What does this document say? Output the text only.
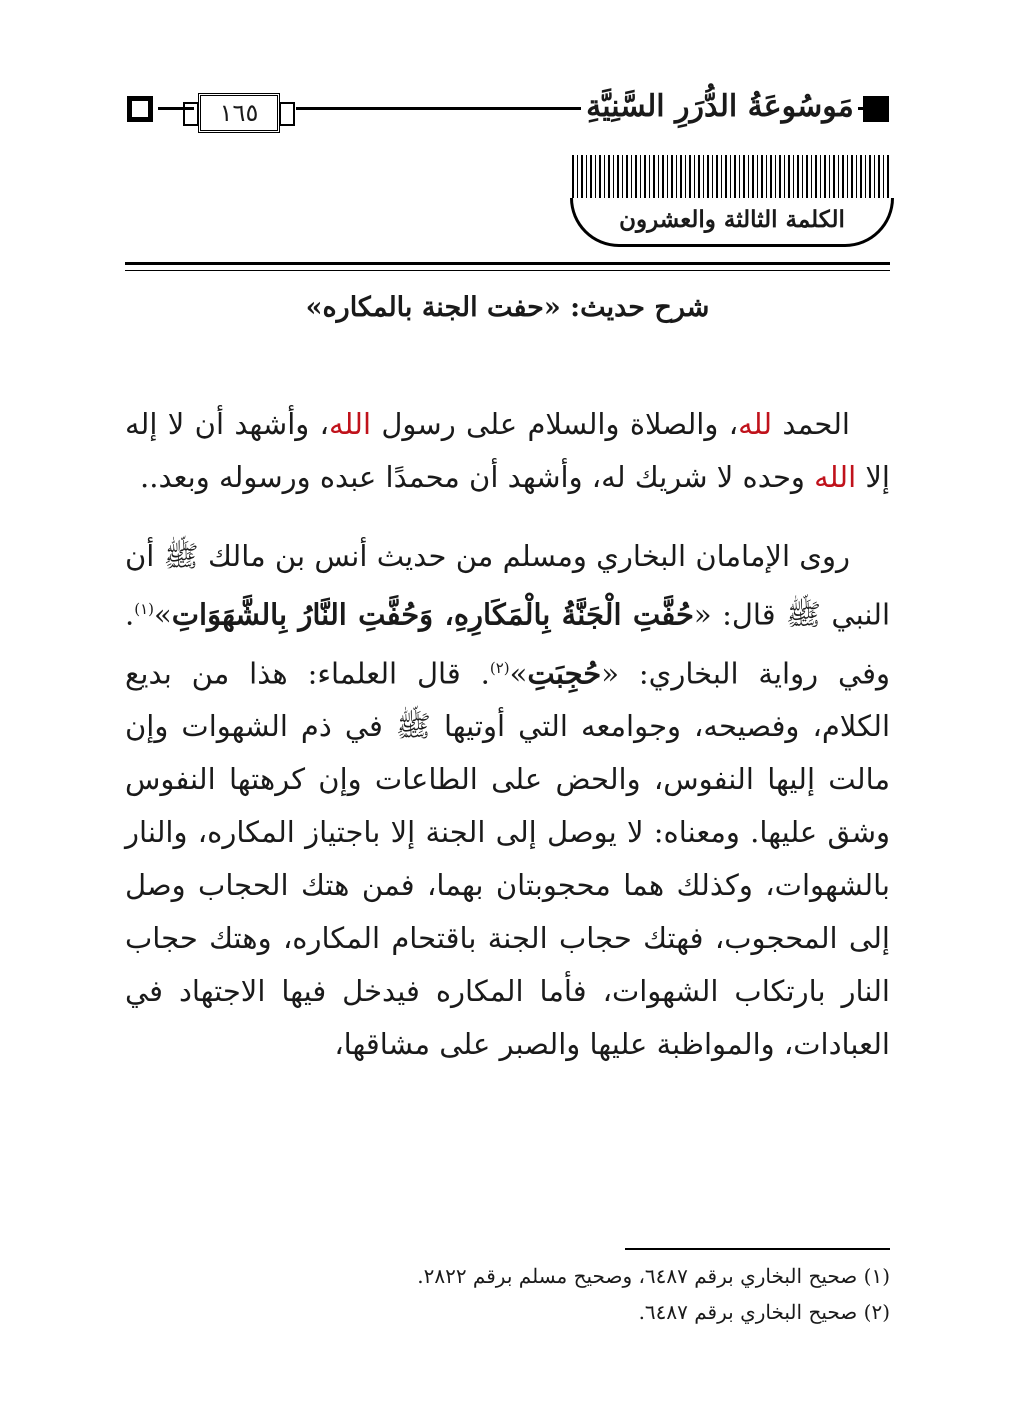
١٦٥	مَوسُوعَةُ الدُّرَرِ السَّنِيَّةِ
الكلمة الثالثة والعشرون
شرح حديث: «حفت الجنة بالمكاره»

الحمد لله، والصلاة والسلام على رسول الله، وأشهد أن لا إله إلا الله وحده لا شريك له، وأشهد أن محمدًا عبده ورسوله وبعد..

روى الإمامان البخاري ومسلم من حديث أنس بن مالك ﷺ أن النبي ﷺ قال: «حُفَّتِ الْجَنَّةُ بِالْمَكَارِهِ، وَحُفَّتِ النَّارُ بِالشَّهَوَاتِ»$^{(١)}$. وفي رواية البخاري: «حُجِبَتِ»$^{(٢)}$. قال العلماء: هذا من بديع الكلام، وفصيحه، وجوامعه التي أوتيها ﷺ في ذم الشهوات وإن مالت إليها النفوس، والحض على الطاعات وإن كرهتها النفوس وشق عليها. ومعناه: لا يوصل إلى الجنة إلا باجتياز المكاره، والنار بالشهوات، وكذلك هما محجوبتان بهما، فمن هتك الحجاب وصل إلى المحجوب، فهتك حجاب الجنة باقتحام المكاره، وهتك حجاب النار بارتكاب الشهوات، فأما المكاره فيدخل فيها الاجتهاد في العبادات، والمواظبة عليها والصبر على مشاقها،

(١) صحيح البخاري برقم ٦٤٨٧، وصحيح مسلم برقم ٢٨٢٢.
(٢) صحيح البخاري برقم ٦٤٨٧.
